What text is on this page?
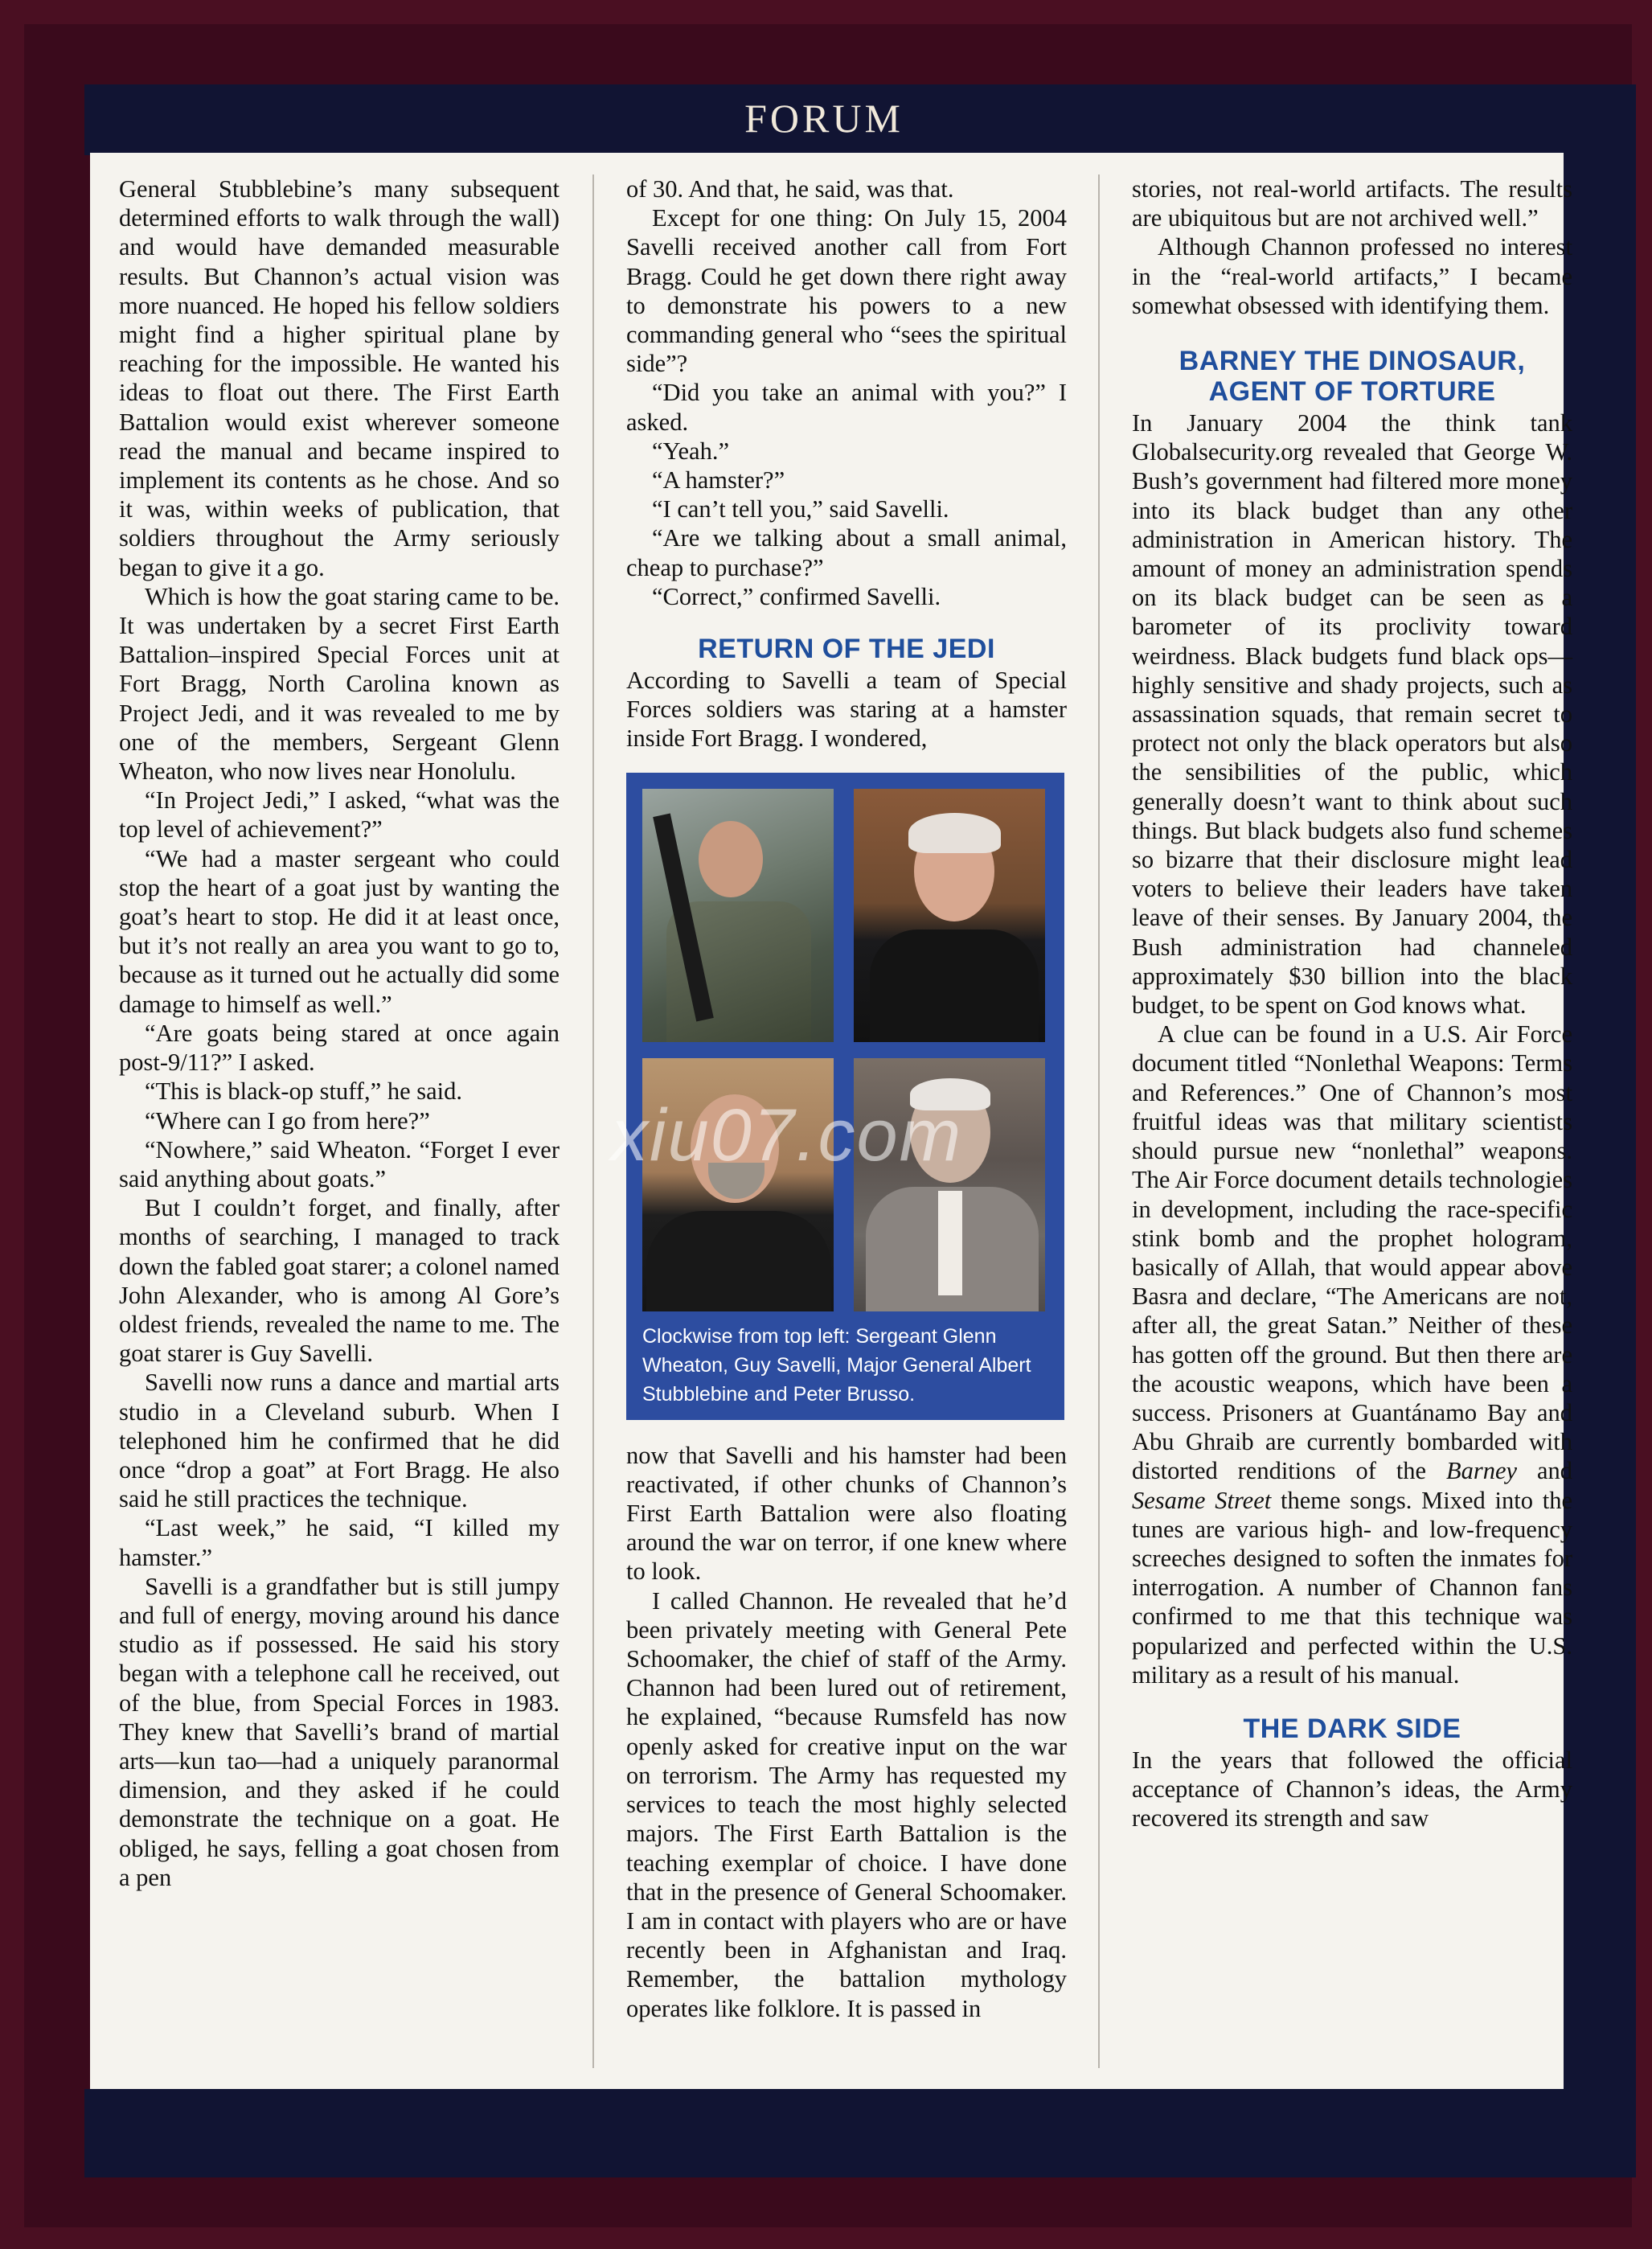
FORUM

General Stubblebine’s many subsequent determined efforts to walk through the wall) and would have demanded measurable results. But Channon’s actual vision was more nuanced. He hoped his fellow soldiers might find a higher spiritual plane by reaching for the impossible. He wanted his ideas to float out there. The First Earth Battalion would exist wherever someone read the manual and became inspired to implement its contents as he chose. And so it was, within weeks of publication, that soldiers throughout the Army seriously began to give it a go.

Which is how the goat staring came to be. It was undertaken by a secret First Earth Battalion–inspired Special Forces unit at Fort Bragg, North Carolina known as Project Jedi, and it was revealed to me by one of the members, Sergeant Glenn Wheaton, who now lives near Honolulu.

“In Project Jedi,” I asked, “what was the top level of achievement?”

“We had a master sergeant who could stop the heart of a goat just by wanting the goat’s heart to stop. He did it at least once, but it’s not really an area you want to go to, because as it turned out he actually did some damage to himself as well.”

“Are goats being stared at once again post-9/11?” I asked.

“This is black-op stuff,” he said.

“Where can I go from here?”

“Nowhere,” said Wheaton. “Forget I ever said anything about goats.”

But I couldn’t forget, and finally, after months of searching, I managed to track down the fabled goat starer; a colonel named John Alexander, who is among Al Gore’s oldest friends, revealed the name to me. The goat starer is Guy Savelli.

Savelli now runs a dance and martial arts studio in a Cleveland suburb. When I telephoned him he confirmed that he did once “drop a goat” at Fort Bragg. He also said he still practices the technique.

“Last week,” he said, “I killed my hamster.”

Savelli is a grandfather but is still jumpy and full of energy, moving around his dance studio as if possessed. He said his story began with a telephone call he received, out of the blue, from Special Forces in 1983. They knew that Savelli’s brand of martial arts—kun tao—had a uniquely paranormal dimension, and they asked if he could demonstrate the technique on a goat. He obliged, he says, felling a goat chosen from a pen

of 30. And that, he said, was that.

Except for one thing: On July 15, 2004 Savelli received another call from Fort Bragg. Could he get down there right away to demonstrate his powers to a new commanding general who “sees the spiritual side”?

“Did you take an animal with you?” I asked.

“Yeah.”

“A hamster?”

“I can’t tell you,” said Savelli.

“Are we talking about a small animal, cheap to purchase?”

“Correct,” confirmed Savelli.

RETURN OF THE JEDI

According to Savelli a team of Special Forces soldiers was staring at a hamster inside Fort Bragg. I wondered,

Clockwise from top left: Sergeant Glenn Wheaton, Guy Savelli, Major General Albert Stubblebine and Peter Brusso.

now that Savelli and his hamster had been reactivated, if other chunks of Channon’s First Earth Battalion were also floating around the war on terror, if one knew where to look.

I called Channon. He revealed that he’d been privately meeting with General Pete Schoomaker, the chief of staff of the Army. Channon had been lured out of retirement, he explained, “because Rumsfeld has now openly asked for creative input on the war on terrorism. The Army has requested my services to teach the most highly selected majors. The First Earth Battalion is the teaching exemplar of choice. I have done that in the presence of General Schoomaker. I am in contact with players who are or have recently been in Afghanistan and Iraq. Remember, the battalion mythology operates like folklore. It is passed in

stories, not real-world artifacts. The results are ubiquitous but are not archived well.”

Although Channon professed no interest in the “real-world artifacts,” I became somewhat obsessed with identifying them.

BARNEY THE DINOSAUR,
AGENT OF TORTURE

In January 2004 the think tank Globalsecurity.org revealed that George W. Bush’s government had filtered more money into its black budget than any other administration in American history. The amount of money an administration spends on its black budget can be seen as a barometer of its proclivity toward weirdness. Black budgets fund black ops—highly sensitive and shady projects, such as assassination squads, that remain secret to protect not only the black operators but also the sensibilities of the public, which generally doesn’t want to think about such things. But black budgets also fund schemes so bizarre that their disclosure might lead voters to believe their leaders have taken leave of their senses. By January 2004, the Bush administration had channeled approximately $30 billion into the black budget, to be spent on God knows what.

A clue can be found in a U.S. Air Force document titled “Nonlethal Weapons: Terms and References.” One of Channon’s most fruitful ideas was that military scientists should pursue new “nonlethal” weapons. The Air Force document details technologies in development, including the race-specific stink bomb and the prophet hologram, basically of Allah, that would appear above Basra and declare, “The Americans are not, after all, the great Satan.” Neither of these has gotten off the ground. But then there are the acoustic weapons, which have been a success. Prisoners at Guantánamo Bay and Abu Ghraib are currently bombarded with distorted renditions of the Barney and Sesame Street theme songs. Mixed into the tunes are various high- and low-frequency screeches designed to soften the inmates for interrogation. A number of Channon fans confirmed to me that this technique was popularized and perfected within the U.S. military as a result of his manual.

THE DARK SIDE

In the years that followed the official acceptance of Channon’s ideas, the Army recovered its strength and saw

xiu07.com
